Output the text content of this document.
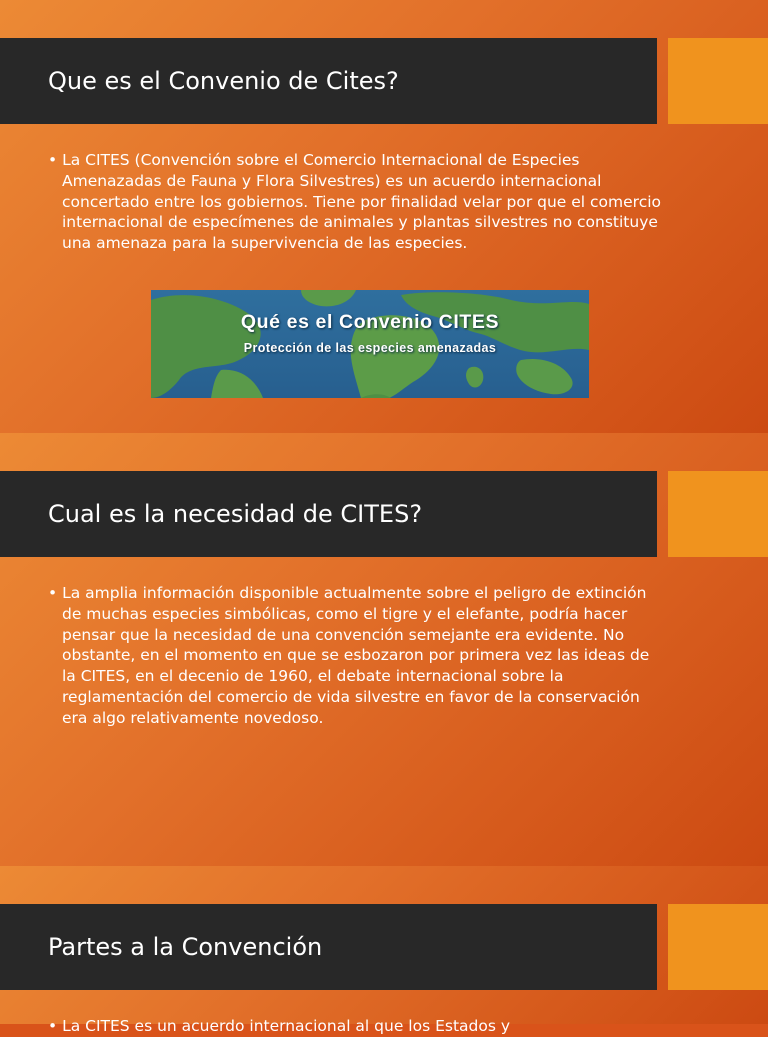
Que es el Convenio de Cites?
• La CITES (Convención sobre el Comercio Internacional de Especies Amenazadas de Fauna y Flora Silvestres) es un acuerdo internacional concertado entre los gobiernos. Tiene por finalidad velar por que el comercio internacional de especímenes de animales y plantas silvestres no constituye una amenaza para la supervivencia de las especies.
Qué es el Convenio CITES
Protección de las especies amenazadas
Cual es la necesidad de CITES?
• La amplia información disponible actualmente sobre el peligro de extinción de muchas especies simbólicas, como el tigre y el elefante, podría hacer pensar que la necesidad de una convención semejante era evidente. No obstante, en el momento en que se esbozaron por primera vez las ideas de la CITES, en el decenio de 1960, el debate internacional sobre la reglamentación del comercio de vida silvestre en favor de la conservación era algo relativamente novedoso.
Partes a la Convención
• La CITES es un acuerdo internacional al que los Estados y
